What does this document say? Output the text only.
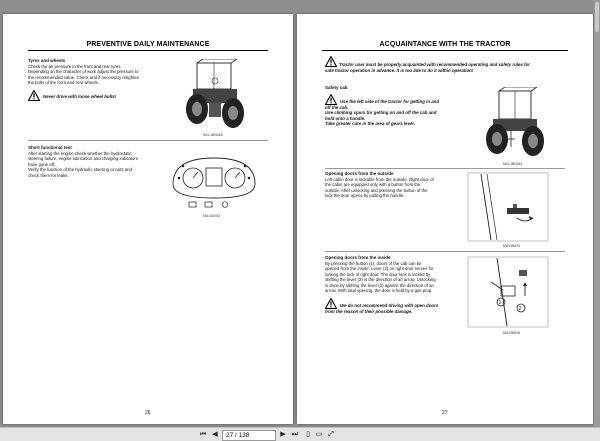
PREVENTIVE DAILY MAINTENANCE
Tyres and wheels
Check the air pressure in the front and rear tyres.
Depending on the character of work adjust the pressure to
the recommended value. Check and if necessary retighten
the bolts of the front and rear wheels.
Never drive with loose wheel bolts!
MCL1BN04A
Short functional test
After starting the engine check whether the hydrostatic
steering failure, engine lubrication and charging indicators
have gone off.
Verify the function of the hydraulic steering circuits and
check them for leaks.
MA14D053
26
ACQUAINTANCE WITH THE TRACTOR
Tractor user must be properly acquainted with recommended operating and safety rules for
safe tractor operation in advance. It is too late to do it within operation!
Safety cab
Use the left side of the tractor for getting in and
off the cab.
Use climbing spurs for getting on and off the cab and
hold onto a handle.
Take greater care in the area of gears lever.
MCL1BN041
Opening doors from the outside
Left cabin door is lockable from the outside. Right door of
the cabin are equipped only with a button from the
outside. After unlocking and pressing the button of the
lock the door opens by pulling the handle.
MA13N029
Opening doors from the inside
By pressing the button (1), doors of the cab can be
opened from the inside. Lever (2) on right door serves for
locking the lock of right door. The door lock is locked by
shifting the lever (2) in the direction of an arrow. Unlocking
is done by shifting the lever (2) against the direction of an
arrow. With total opening, the door is held by a gas prop.
We do not recommend driving with open doors
from the reason of their possible damage.
1
2
MA13N028
27
⏮ ◀	27 / 138	▶ ⏭	▯ ▭ ⤢
